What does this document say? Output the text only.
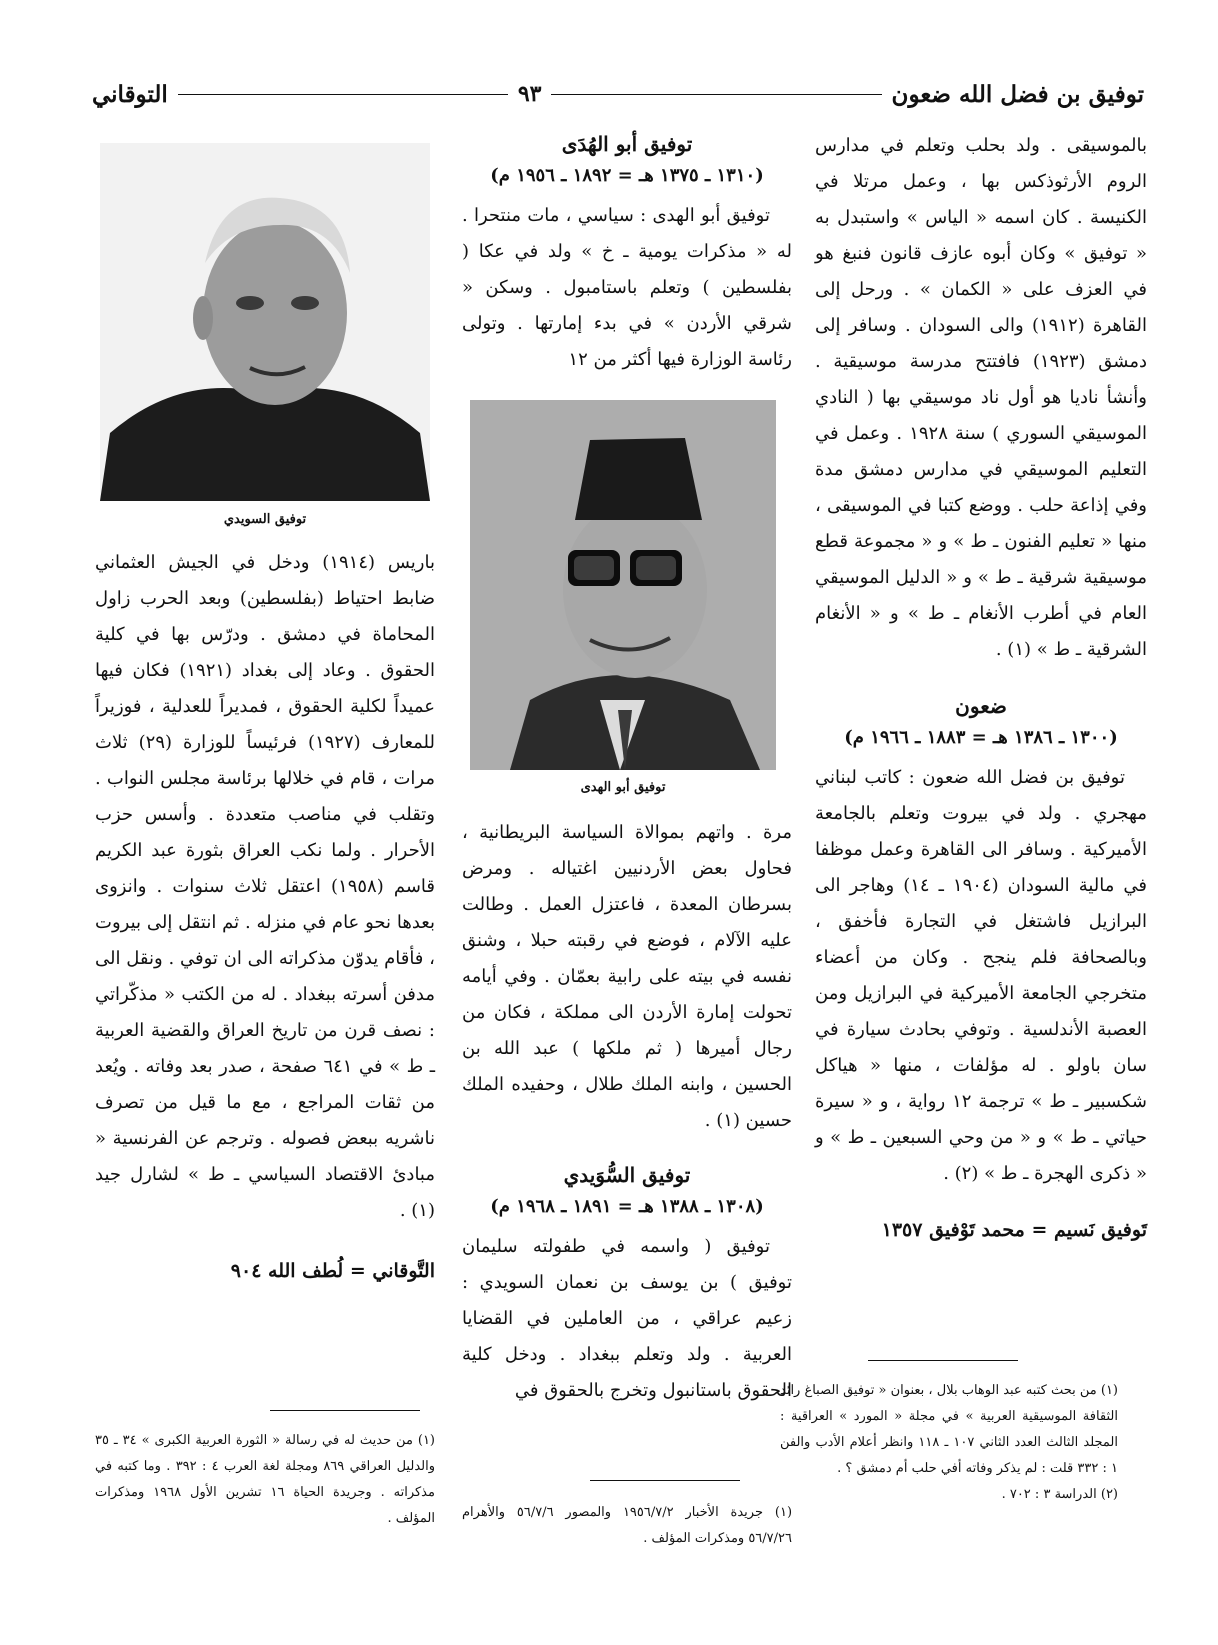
توفيق بن فضل الله ضعون
٩٣
التوقاني

بالموسيقى . ولد بحلب وتعلم في مدارس الروم الأرثوذكس بها ، وعمل مرتلا في الكنيسة . كان اسمه « الياس » واستبدل به « توفيق » وكان أبوه عازف قانون فنبغ هو في العزف على « الكمان » . ورحل إلى القاهرة (١٩١٢) والى السودان . وسافر إلى دمشق (١٩٢٣) فافتتح مدرسة موسيقية . وأنشأ ناديا هو أول ناد موسيقي بها ( النادي الموسيقي السوري ) سنة ١٩٢٨ . وعمل في التعليم الموسيقي في مدارس دمشق مدة وفي إذاعة حلب . ووضع كتبا في الموسيقى ، منها « تعليم الفنون ـ ط » و « مجموعة قطع موسيقية شرقية ـ ط » و « الدليل الموسيقي العام في أطرب الأنغام ـ ط » و « الأنغام الشرقية ـ ط » (١) .

ضعون

(١٣٠٠ ـ ١٣٨٦ هـ = ١٨٨٣ ـ ١٩٦٦ م)

توفيق بن فضل الله ضعون : كاتب لبناني مهجري . ولد في بيروت وتعلم بالجامعة الأميركية . وسافر الى القاهرة وعمل موظفا في مالية السودان (١٩٠٤ ـ ١٤) وهاجر الى البرازيل فاشتغل في التجارة فأخفق ، وبالصحافة فلم ينجح . وكان من أعضاء متخرجي الجامعة الأميركية في البرازيل ومن العصبة الأندلسية . وتوفي بحادث سيارة في سان باولو . له مؤلفات ، منها « هياكل شكسبير ـ ط » ترجمة ١٢ رواية ، و « سيرة حياتي ـ ط » و « من وحي السبعين ـ ط » و « ذكرى الهجرة ـ ط » (٢) .

تَوفيق نَسيم = محمد تَوْفيق ١٣٥٧

(١) من بحث كتبه عبد الوهاب بلال ، بعنوان « توفيق الصباغ رائد الثقافة الموسيقية العربية » في مجلة « المورد » العراقية : المجلد الثالث العدد الثاني ١٠٧ ـ ١١٨ وانظر أعلام الأدب والفن ١ : ٣٣٢ قلت : لم يذكر وفاته أفي حلب أم دمشق ؟ .

(٢) الدراسة ٣ : ٧٠٢ .

توفيق أبو الهُدَى

(١٣١٠ ـ ١٣٧٥ هـ = ١٨٩٢ ـ ١٩٥٦ م)

توفيق أبو الهدى : سياسي ، مات منتحرا . له « مذكرات يومية ـ خ » ولد في عكا ( بفلسطين ) وتعلم باستامبول . وسكن « شرقي الأردن » في بدء إمارتها . وتولى رئاسة الوزارة فيها أكثر من ١٢

توفيق أبو الهدى

مرة . واتهم بموالاة السياسة البريطانية ، فحاول بعض الأردنيين اغتياله . ومرض بسرطان المعدة ، فاعتزل العمل . وطالت عليه الآلام ، فوضع في رقبته حبلا ، وشنق نفسه في بيته على رابية بعمّان . وفي أيامه تحولت إمارة الأردن الى مملكة ، فكان من رجال أميرها ( ثم ملكها ) عبد الله بن الحسين ، وابنه الملك طلال ، وحفيده الملك حسين (١) .

توفيق السُّوَيدي

(١٣٠٨ ـ ١٣٨٨ هـ = ١٨٩١ ـ ١٩٦٨ م)

توفيق ( واسمه في طفولته سليمان توفيق ) بن يوسف بن نعمان السويدي : زعيم عراقي ، من العاملين في القضايا العربية . ولد وتعلم ببغداد . ودخل كلية الحقوق باستانبول وتخرج بالحقوق في

(١) جريدة الأخبار ١٩٥٦/٧/٢ والمصور ٥٦/٧/٦ والأهرام ٥٦/٧/٢٦ ومذكرات المؤلف .

توفيق السويدي

باريس (١٩١٤) ودخل في الجيش العثماني ضابط احتياط (بفلسطين) وبعد الحرب زاول المحاماة في دمشق . ودرّس بها في كلية الحقوق . وعاد إلى بغداد (١٩٢١) فكان فيها عميداً لكلية الحقوق ، فمديراً للعدلية ، فوزيراً للمعارف (١٩٢٧) فرئيساً للوزارة (٢٩) ثلاث مرات ، قام في خلالها برئاسة مجلس النواب . وتقلب في مناصب متعددة . وأسس حزب الأحرار . ولما نكب العراق بثورة عبد الكريم قاسم (١٩٥٨) اعتقل ثلاث سنوات . وانزوى بعدها نحو عام في منزله . ثم انتقل إلى بيروت ، فأقام يدوّن مذكراته الى ان توفي . ونقل الى مدفن أسرته ببغداد . له من الكتب « مذكّراتي : نصف قرن من تاريخ العراق والقضية العربية ـ ط » في ٦٤١ صفحة ، صدر بعد وفاته . ويُعد من ثقات المراجع ، مع ما قيل من تصرف ناشريه ببعض فصوله . وترجم عن الفرنسية « مبادئ الاقتصاد السياسي ـ ط » لشارل جيد (١) .

التَّوقاني = لُطف الله ٩٠٤

(١) من حديث له في رسالة « الثورة العربية الكبرى » ٣٤ ـ ٣٥ والدليل العراقي ٨٦٩ ومجلة لغة العرب ٤ : ٣٩٢ . وما كتبه في مذكراته . وجريدة الحياة ١٦ تشرين الأول ١٩٦٨ ومذكرات المؤلف .
